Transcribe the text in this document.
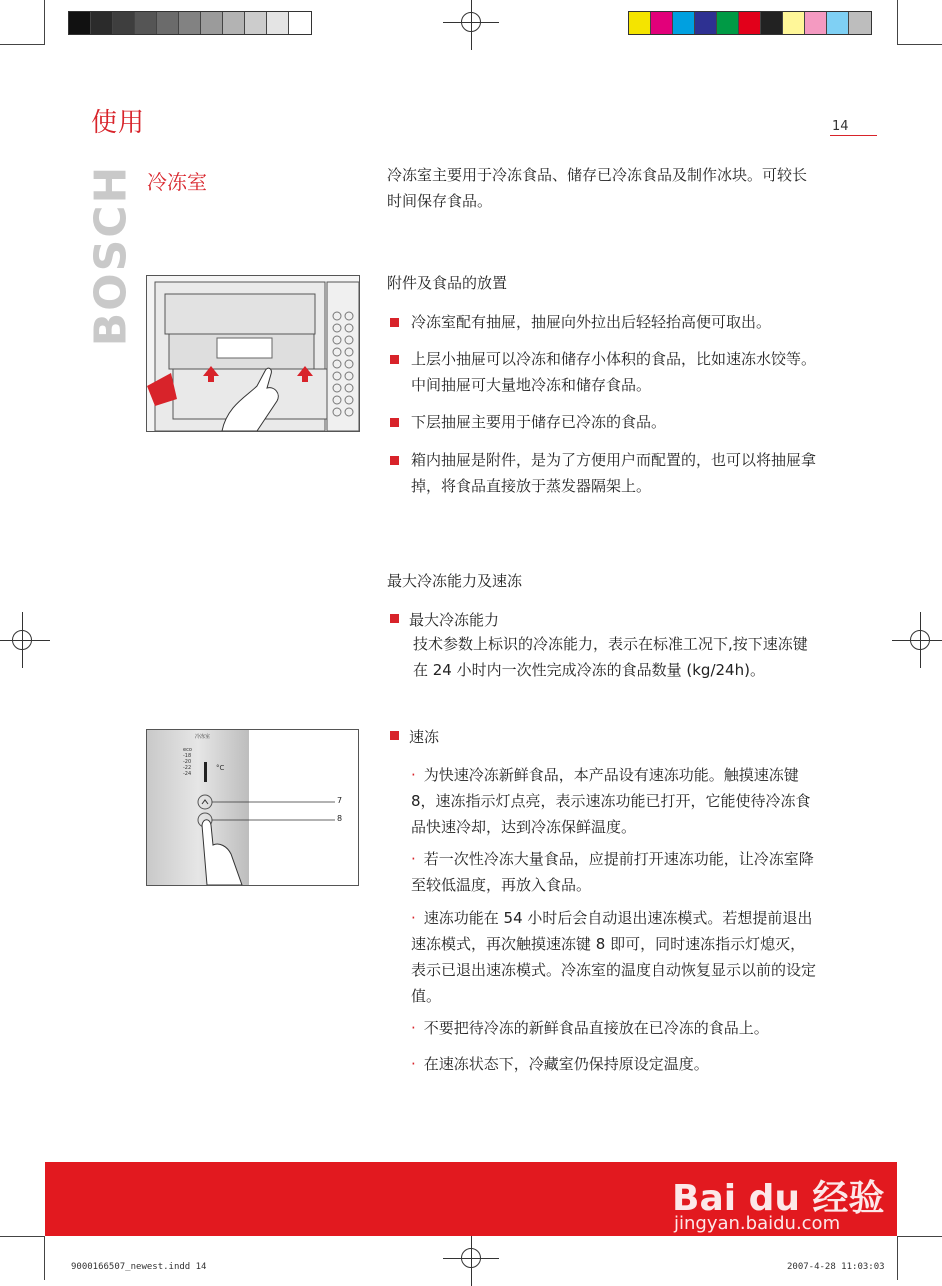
使用	14
BOSCH 冷冻室	冷冻室主要用于冷冻食品、储存已冷冻食品及制作冰块。可较长时间保存食品。
附件及食品的放置
冷冻室配有抽屉，抽屉向外拉出后轻轻抬高便可取出。
上层小抽屉可以冷冻和储存小体积的食品，比如速冻水饺等。中间抽屉可大量地冷冻和储存食品。
下层抽屉主要用于储存已冷冻的食品。
箱内抽屉是附件，是为了方便用户而配置的，也可以将抽屉拿掉，将食品直接放于蒸发器隔架上。
最大冷冻能力及速冻
最大冷冻能力
技术参数上标识的冷冻能力，表示在标准工况下,按下速冻键在 24 小时内一次性完成冷冻的食品数量 (kg/24h)。
冷冻室
eco
-18
-20
-22
-24
°C
7
8
速冻
· 为快速冷冻新鲜食品，本产品设有速冻功能。触摸速冻键 8，速冻指示灯点亮，表示速冻功能已打开，它能使待冷冻食品快速冷却，达到冷冻保鲜温度。
· 若一次性冷冻大量食品，应提前打开速冻功能，让冷冻室降至较低温度，再放入食品。
· 速冻功能在 54 小时后会自动退出速冻模式。若想提前退出速冻模式，再次触摸速冻键 8 即可，同时速冻指示灯熄灭，表示已退出速冻模式。冷冻室的温度自动恢复显示以前的设定值。
· 不要把待冷冻的新鲜食品直接放在已冷冻的食品上。
· 在速冻状态下，冷藏室仍保持原设定温度。
Bai du 经验
jingyan.baidu.com
9000166507_newest.indd 14	2007-4-28 11:03:03
